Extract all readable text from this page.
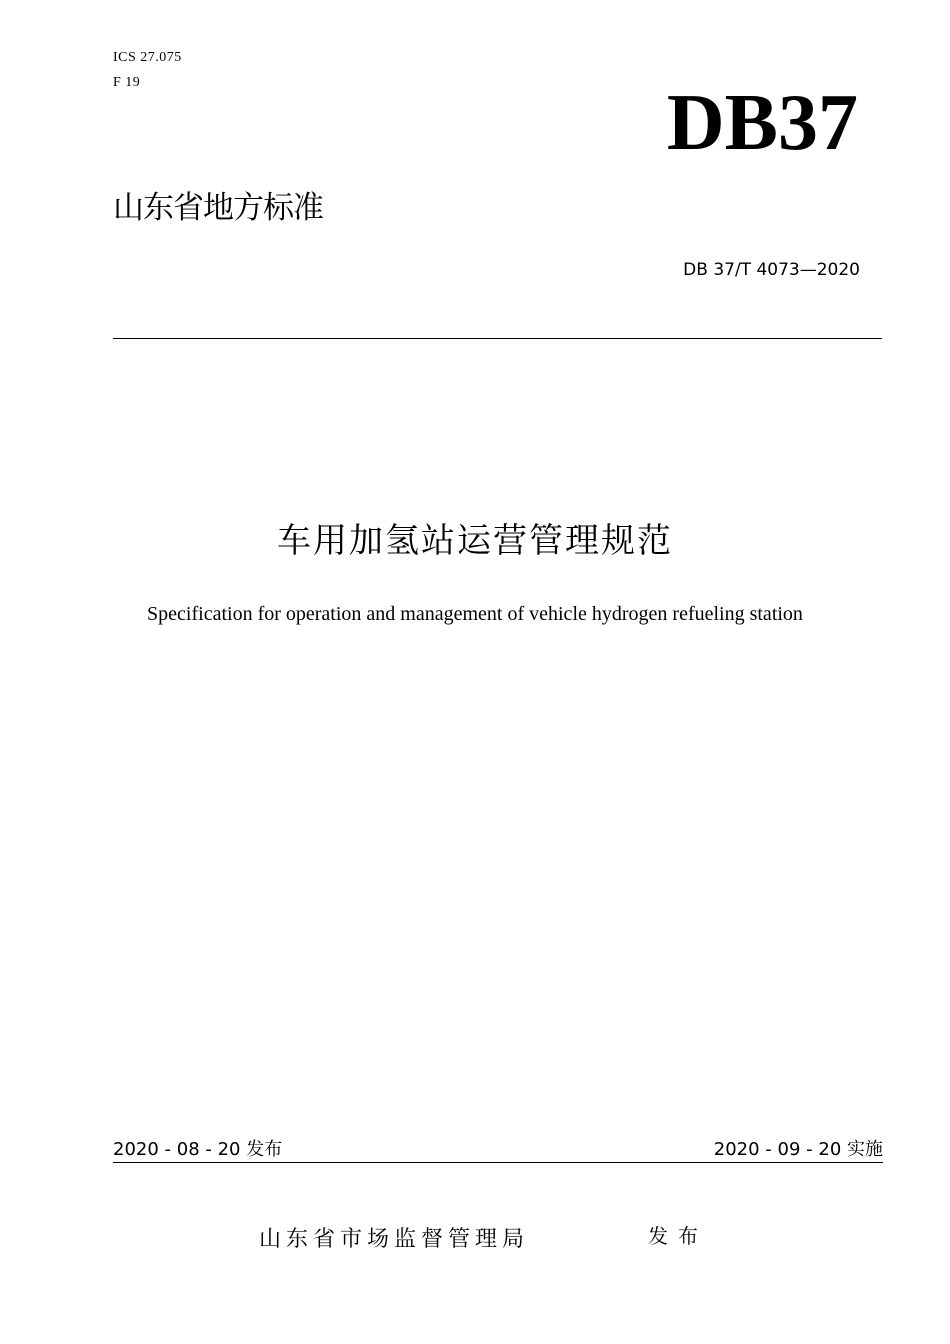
ICS 27.075
F 19	DB37
山东省地方标准
DB 37/T 4073—2020
车用加氢站运营管理规范
Specification for operation and management of vehicle hydrogen refueling station
2020 - 08 - 20 发布	2020 - 09 - 20 实施
山东省市场监督管理局	发布
